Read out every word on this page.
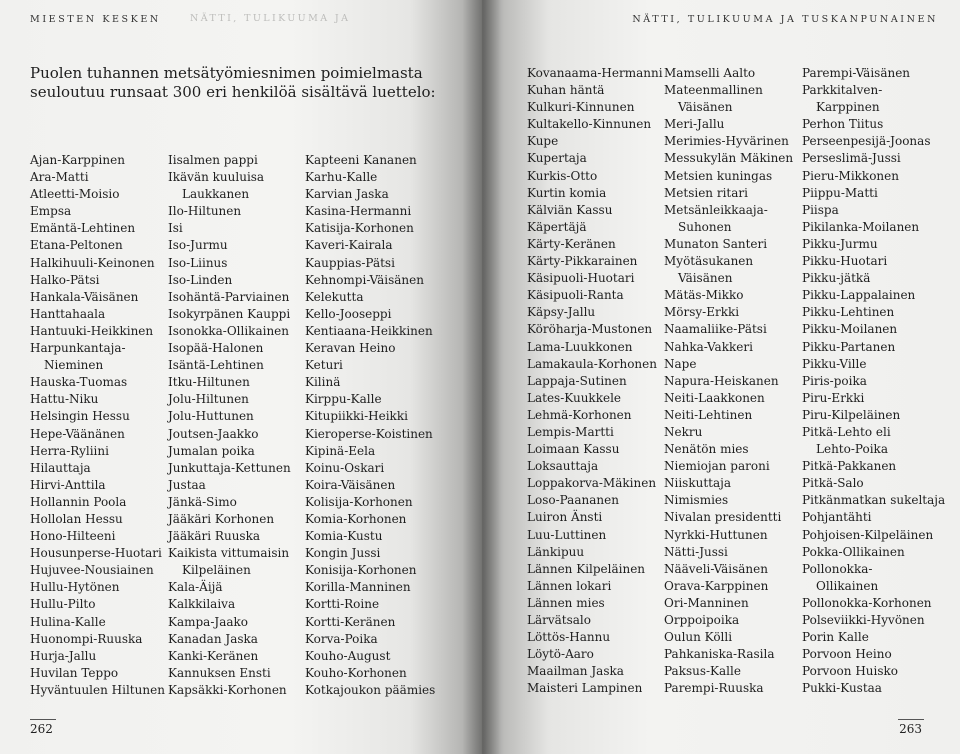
MIESTEN KESKEN	NÄTTI, TULIKUUMA JA

Puolen tuhannen metsätyömiesnimen poimielmasta seuloutuu runsaat 300 eri henkilöä sisältävä luettelo:

Ajan-Karppinen
Ara-Matti
Atleetti-Moisio
Empsa
Emäntä-Lehtinen
Etana-Peltonen
Halkihuuli-Keinonen
Halko-Pätsi
Hankala-Väisänen
Hanttahaala
Hantuuki-Heikkinen
Harpunkantaja-
Nieminen
Hauska-Tuomas
Hattu-Niku
Helsingin Hessu
Hepe-Väänänen
Herra-Ryliini
Hilauttaja
Hirvi-Anttila
Hollannin Poola
Hollolan Hessu
Hono-Hilteeni
Housunperse-Huotari
Hujuvee-Nousiainen
Hullu-Hytönen
Hullu-Pilto
Hulina-Kalle
Huonompi-Ruuska
Hurja-Jallu
Huvilan Teppo
Hyväntuulen Hiltunen
Iisalmen pappi
Ikävän kuuluisa
Laukkanen
Ilo-Hiltunen
Isi
Iso-Jurmu
Iso-Liinus
Iso-Linden
Isohäntä-Parviainen
Isokyrpänen Kauppi
Isonokka-Ollikainen
Isopää-Halonen
Isäntä-Lehtinen
Itku-Hiltunen
Jolu-Hiltunen
Jolu-Huttunen
Joutsen-Jaakko
Jumalan poika
Junkuttaja-Kettunen
Justaa
Jänkä-Simo
Jääkäri Korhonen
Jääkäri Ruuska
Kaikista vittumaisin
Kilpeläinen
Kala-Äijä
Kalkkilaiva
Kampa-Jaako
Kanadan Jaska
Kanki-Keränen
Kannuksen Ensti
Kapsäkki-Korhonen
Kapteeni Kananen
Karhu-Kalle
Karvian Jaska
Kasina-Hermanni
Katisija-Korhonen
Kaveri-Kairala
Kauppias-Pätsi
Kehnompi-Väisänen
Kelekutta
Kello-Jooseppi
Kentiaana-Heikkinen
Keravan Heino
Keturi
Kilinä
Kirppu-Kalle
Kitupiikki-Heikki
Kieroperse-Koistinen
Kipinä-Eela
Koinu-Oskari
Koira-Väisänen
Kolisija-Korhonen
Komia-Korhonen
Komia-Kustu
Kongin Jussi
Konisija-Korhonen
Korilla-Manninen
Kortti-Roine
Kortti-Keränen
Korva-Poika
Kouho-August
Kouho-Korhonen
Kotkajoukon päämies
262
NÄTTI, TULIKUUMA JA TUSKANPUNAINEN
Kovanaama-Hermanni
Kuhan häntä
Kulkuri-Kinnunen
Kultakello-Kinnunen
Kupe
Kupertaja
Kurkis-Otto
Kurtin komia
Kälviän Kassu
Käpertäjä
Kärty-Keränen
Kärty-Pikkarainen
Käsipuoli-Huotari
Käsipuoli-Ranta
Käpsy-Jallu
Köröharja-Mustonen
Lama-Luukkonen
Lamakaula-Korhonen
Lappaja-Sutinen
Lates-Kuukkele
Lehmä-Korhonen
Lempis-Martti
Loimaan Kassu
Loksauttaja
Loppakorva-Mäkinen
Loso-Paananen
Luiron Änsti
Luu-Luttinen
Länkipuu
Lännen Kilpeläinen
Lännen lokari
Lännen mies
Lärvätsalo
Löttös-Hannu
Löytö-Aaro
Maailman Jaska
Maisteri Lampinen
Mamselli Aalto
Mateenmallinen
Väisänen
Meri-Jallu
Merimies-Hyvärinen
Messukylän Mäkinen
Metsien kuningas
Metsien ritari
Metsänleikkaaja-
Suhonen
Munaton Santeri
Myötäsukanen
Väisänen
Mätäs-Mikko
Mörsy-Erkki
Naamaliike-Pätsi
Nahka-Vakkeri
Nape
Napura-Heiskanen
Neiti-Laakkonen
Neiti-Lehtinen
Nekru
Nenätön mies
Niemiojan paroni
Niiskuttaja
Nimismies
Nivalan presidentti
Nyrkki-Huttunen
Nätti-Jussi
Nääveli-Väisänen
Orava-Karppinen
Ori-Manninen
Orppoipoika
Oulun Kölli
Pahkaniska-Rasila
Paksus-Kalle
Parempi-Ruuska
Parempi-Väisänen
Parkkitalven-
Karppinen
Perhon Tiitus
Perseenpesijä-Joonas
Perseslimä-Jussi
Pieru-Mikkonen
Piippu-Matti
Piispa
Pikilanka-Moilanen
Pikku-Jurmu
Pikku-Huotari
Pikku-jätkä
Pikku-Lappalainen
Pikku-Lehtinen
Pikku-Moilanen
Pikku-Partanen
Pikku-Ville
Piris-poika
Piru-Erkki
Piru-Kilpeläinen
Pitkä-Lehto eli
Lehto-Poika
Pitkä-Pakkanen
Pitkä-Salo
Pitkänmatkan sukeltaja
Pohjantähti
Pohjoisen-Kilpeläinen
Pokka-Ollikainen
Pollonokka-
Ollikainen
Pollonokka-Korhonen
Polseviikki-Hyvönen
Porin Kalle
Porvoon Heino
Porvoon Huisko
Pukki-Kustaa
263
